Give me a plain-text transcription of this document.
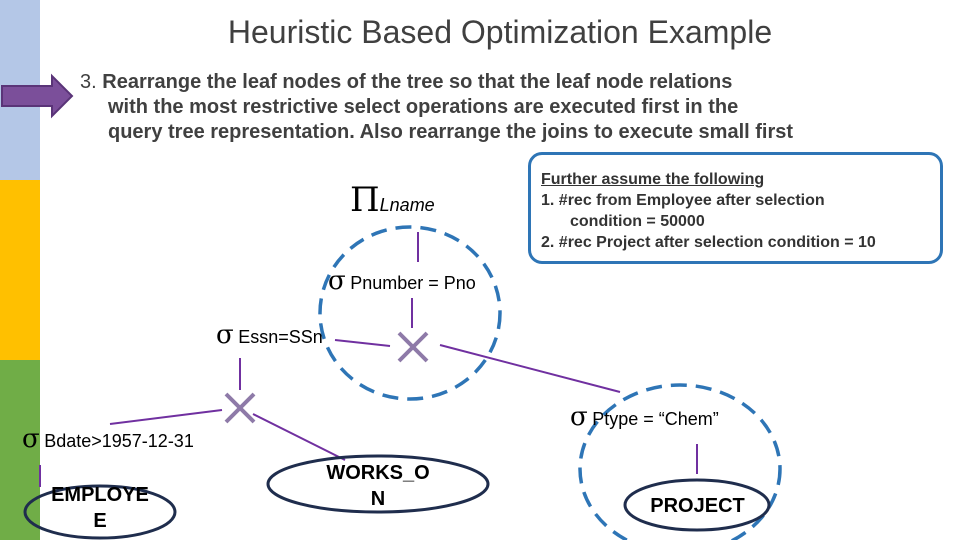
Heuristic Based Optimization Example
3. Rearrange the leaf nodes of the tree so that the leaf node relations
with the most restrictive select operations are executed first in the
query tree representation. Also rearrange the joins to execute small first
Further assume the following
1. #rec from Employee after selection
condition = 50000
2. #rec Project after selection condition = 10
ΠLname
σ Pnumber = Pno
σ Essn=SSn
σ Bdate>1957-12-31
σ Ptype = “Chem”
EMPLOYE
E
WORKS_O
N	PROJECT
